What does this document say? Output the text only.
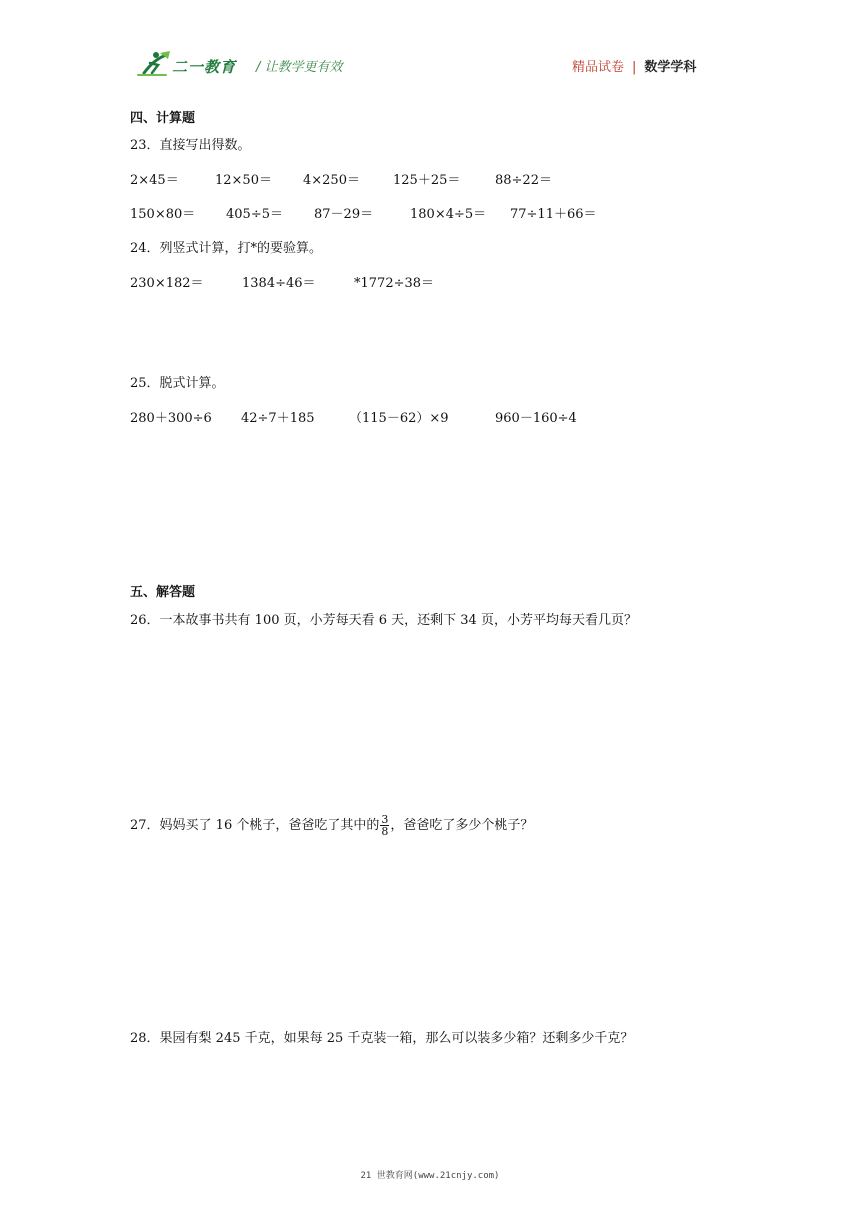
二一教育 / 让教学更有效	精品试卷 | 数学学科
四、计算题
23．直接写出得数。
2×45＝	12×50＝ 4×250＝	125＋25＝	88÷22＝
150×80＝ 405÷5＝ 87－29＝	180×4÷5＝ 77÷11＋66＝
24．列竖式计算，打*的要验算。
230×182＝	1384÷46＝	*1772÷38＝
25．脱式计算。
280＋300÷6 42÷7＋185	（115－62）×9	960－160÷4
五、解答题
26．一本故事书共有 100 页，小芳每天看 6 天，还剩下 34 页，小芳平均每天看几页？
27．妈妈买了 16 个桃子，爸爸吃了其中的 $\frac{3}{8}$ ，爸爸吃了多少个桃子？
28．果园有梨 245 千克，如果每 25 千克装一箱，那么可以装多少箱？还剩多少千克？
21 世教育网(www.21cnjy.com)
